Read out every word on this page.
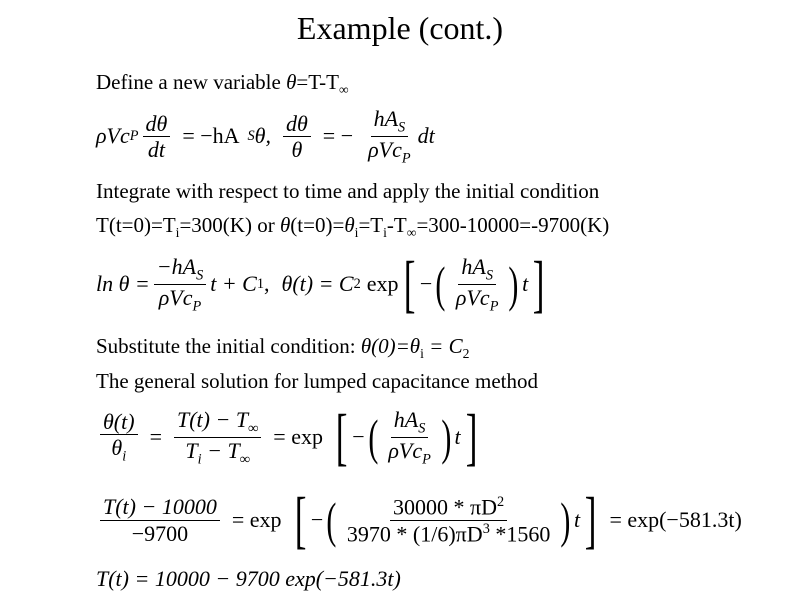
Example (cont.)
Define a new variable $\theta=T-T_\infty$
ρVc P $\frac{d\theta}{dt} = -hA$ S θ, $\frac{d\theta}{\theta}$ = − $\frac{hA_S}{\rho Vc_P}$ dt
Integrate with respect to time and apply the initial condition
$T(t=0)=T_i=300(K)$ or $\theta(t=0)=\theta_i=T_i-T_\infty=300-10000=-9700(K)$
$\ln \theta = \frac{-hA_S}{\rho Vc_P}$ t + C 1 , θ(t) = C 2 exp [ − ( $\frac{hA_S}{\rho Vc_P}$ ) t ]
Substitute the initial condition: $\theta(0)=\theta_i = C_2$
The general solution for lumped capacitance method
$\frac{\theta(t)}{\theta_i} = \frac{T(t) - T_\infty}{T_i - T_\infty} = \exp$ [ − ( $\frac{hA_S}{\rho Vc_P}$ ) t ]
$\frac{T(t) - 10000}{-9700} = \exp$ [ − ( $\frac{30000 * \pi D^2}{3970 * (1/6)\pi D^3 *1560}$ ) t ] = exp(−581.3t)
T(t) = 10000 − 9700 exp(−581.3t)
